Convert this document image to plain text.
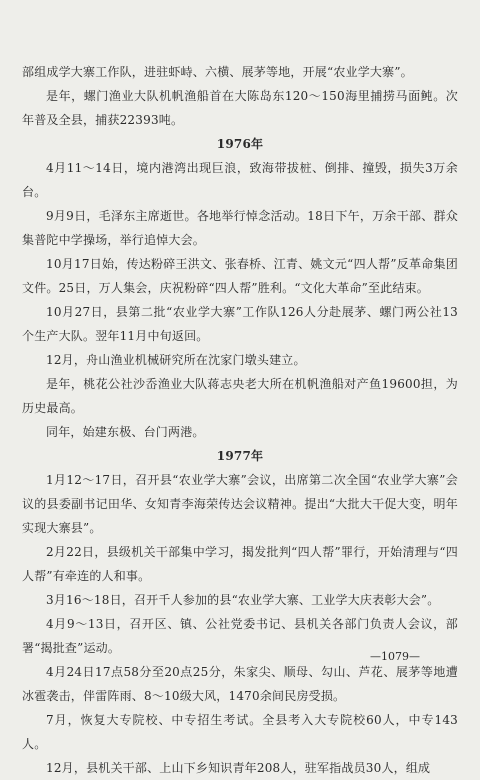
部组成学大寨工作队，进驻虾峙、六横、展茅等地，开展“农业学大寨”。

是年，螺门渔业大队机帆渔船首在大陈岛东120～150海里捕捞马面鲀。次年普及全县，捕获22393吨。

1976年

4月11～14日，境内港湾出现巨浪，致海带拔桩、倒排、撞毁，损失3万余台。

9月9日，毛泽东主席逝世。各地举行悼念活动。18日下午，万余干部、群众集普陀中学操场，举行追悼大会。

10月17日始，传达粉碎王洪文、张春桥、江青、姚文元“四人帮”反革命集团文件。25日，万人集会，庆祝粉碎“四人帮”胜利。“文化大革命”至此结束。

10月27日，县第二批“农业学大寨”工作队126人分赴展茅、螺门两公社13个生产大队。翌年11月中旬返回。

12月，舟山渔业机械研究所在沈家门墩头建立。

是年，桃花公社沙岙渔业大队蒋志央老大所在机帆渔船对产鱼19600担，为历史最高。

同年，始建东极、台门两港。

1977年

1月12～17日，召开县“农业学大寨”会议，出席第二次全国“农业学大寨”会议的县委副书记田华、女知青李海荣传达会议精神。提出“大批大干促大变，明年实现大寨县”。

2月22日，县级机关干部集中学习，揭发批判“四人帮”罪行，开始清理与“四人帮”有牵连的人和事。

3月16～18日，召开千人参加的县“农业学大寨、工业学大庆表彰大会”。

4月9～13日，召开区、镇、公社党委书记、县机关各部门负责人会议，部署“揭批查”运动。

4月24日17点58分至20点25分，朱家尖、顺母、勾山、芦花、展茅等地遭冰雹袭击，伴雷阵雨、8～10级大风，1470余间民房受损。

7月，恢复大专院校、中专招生考试。全县考入大专院校60人，中专143人。

12月，县机关干部、上山下乡知识青年208人，驻军指战员30人，组成

—1079—
